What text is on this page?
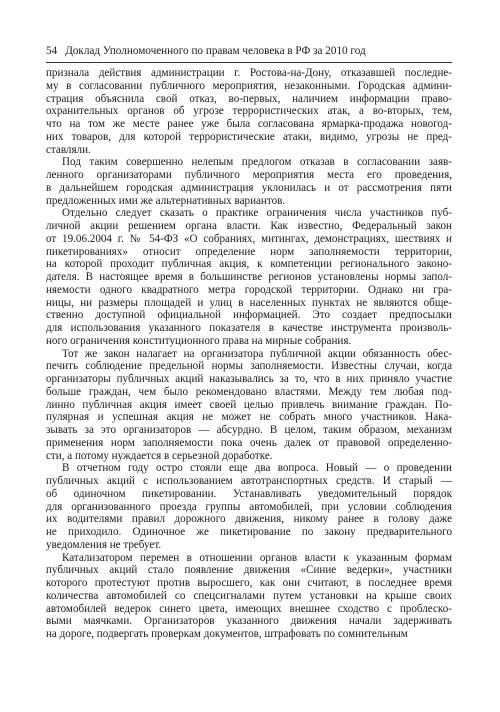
54 Доклад Уполномоченного по правам человека в РФ за 2010 год
признала действия администрации г. Ростова-на-Дону, отказавшей последне-
му в согласовании публичного мероприятия, незаконными. Городская админи-
страция объяснила свой отказ, во-первых, наличием информации право-
охранительных органов об угрозе террористических атак, а во-вторых, тем,
что на том же месте ранее уже была согласована ярмарка-продажа новогод-
них товаров, для которой террористические атаки, видимо, угрозы не пред-
ставляли.
Под таким совершенно нелепым предлогом отказав в согласовании заяв-
ленного организаторами публичного мероприятия места его проведения,
в дальнейшем городская администрация уклонилась и от рассмотрения пяти
предложенных ими же альтернативных вариантов.
Отдельно следует сказать о практике ограничения числа участников пуб-
личной акции решением органа власти. Как известно, Федеральный закон
от 19.06.2004 г. № 54-ФЗ «О собраниях, митингах, демонстрациях, шествиях и
пикетированиях» относит определение норм заполняемости территории,
на которой проходит публичная акция, к компетенции регионального законо-
дателя. В настоящее время в большинстве регионов установлены нормы запол-
няемости одного квадратного метра городской территории. Однако ни гра-
ницы, ни размеры площадей и улиц в населенных пунктах не являются обще-
ственно доступной официальной информацией. Это создает предпосылки
для использования указанного показателя в качестве инструмента произволь-
ного ограничения конституционного права на мирные собрания.
Тот же закон налагает на организатора публичной акции обязанность обес-
печить соблюдение предельной нормы заполняемости. Известны случаи, когда
организаторы публичных акций наказывались за то, что в них приняло участие
больше граждан, чем было рекомендовано властями. Между тем любая под-
линно публичная акция имеет своей целью привлечь внимание граждан. По-
пулярная и успешная акция не может не собрать много участников. Нака-
зывать за это организаторов — абсурдно. В целом, таким образом, механизм
применения норм заполняемости пока очень далек от правовой определенно-
сти, а потому нуждается в серьезной доработке.
В отчетном году остро стояли еще два вопроса. Новый — о проведении
публичных акций с использованием автотранспортных средств. И старый —
об одиночном пикетировании. Устанавливать уведомительный порядок
для организованного проезда группы автомобилей, при условии соблюдения
их водителями правил дорожного движения, никому ранее в голову даже
не приходило. Одиночное же пикетирование по закону предварительного
уведомления не требует.
Катализатором перемен в отношении органов власти к указанным формам
публичных акций стало появление движения «Синие ведерки», участники
которого протестуют против выросшего, как они считают, в последнее время
количества автомобилей со спецсигналами путем установки на крыше своих
автомобилей ведерок синего цвета, имеющих внешнее сходство с проблеско-
выми маячками. Организаторов указанного движения начали задерживать
на дороге, подвергать проверкам документов, штрафовать по сомнительным
